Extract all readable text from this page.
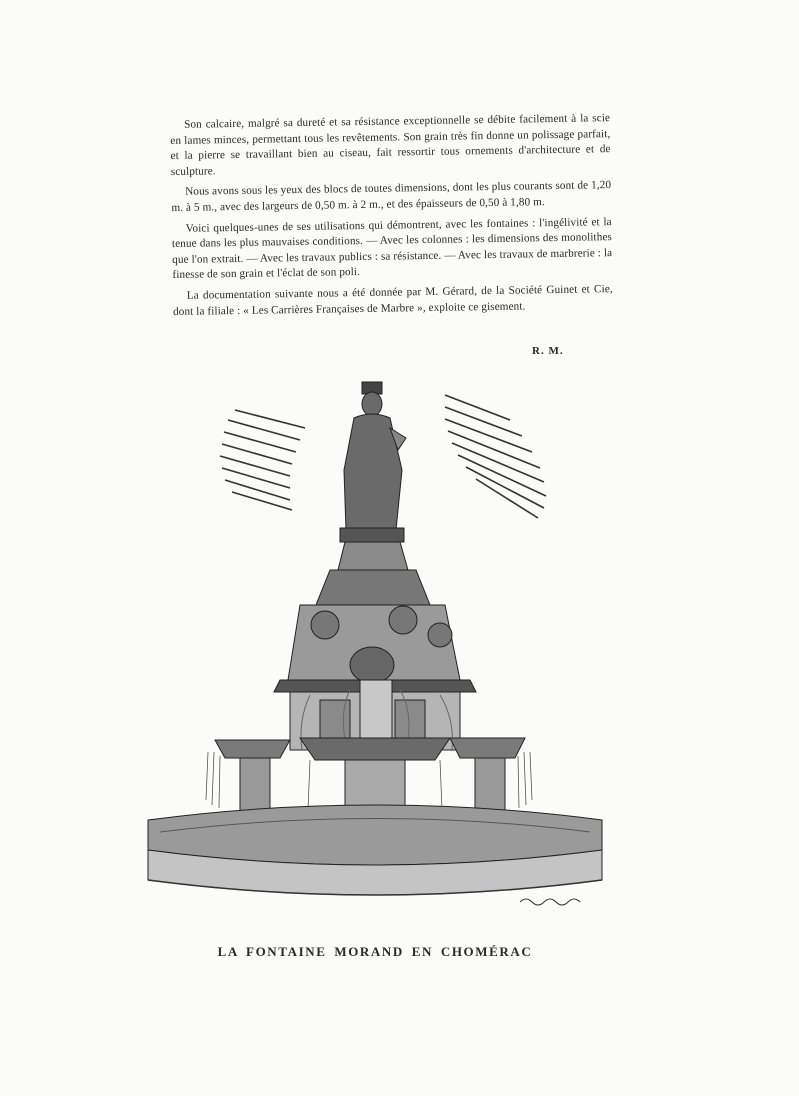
Son calcaire, malgré sa dureté et sa résistance exceptionnelle se débite facilement à la scie en lames minces, permettant tous les revêtements. Son grain très fin donne un polissage parfait, et la pierre se travaillant bien au ciseau, fait ressortir tous ornements d'architecture et de sculpture.

Nous avons sous les yeux des blocs de toutes dimensions, dont les plus courants sont de 1,20 m. à 5 m., avec des largeurs de 0,50 m. à 2 m., et des épaisseurs de 0,50 à 1,80 m.

Voici quelques-unes de ses utilisations qui démontrent, avec les fontaines : l'ingélivité et la tenue dans les plus mauvaises conditions. — Avec les colonnes : les dimensions des monolithes que l'on extrait. — Avec les travaux publics : sa résistance. — Avec les travaux de marbrerie : la finesse de son grain et l'éclat de son poli.

La documentation suivante nous a été donnée par M. Gérard, de la Société Guinet et Cie, dont la filiale : « Les Carrières Françaises de Marbre », exploite ce gisement.

R. M.
LA FONTAINE MORAND EN CHOMÉRAC
